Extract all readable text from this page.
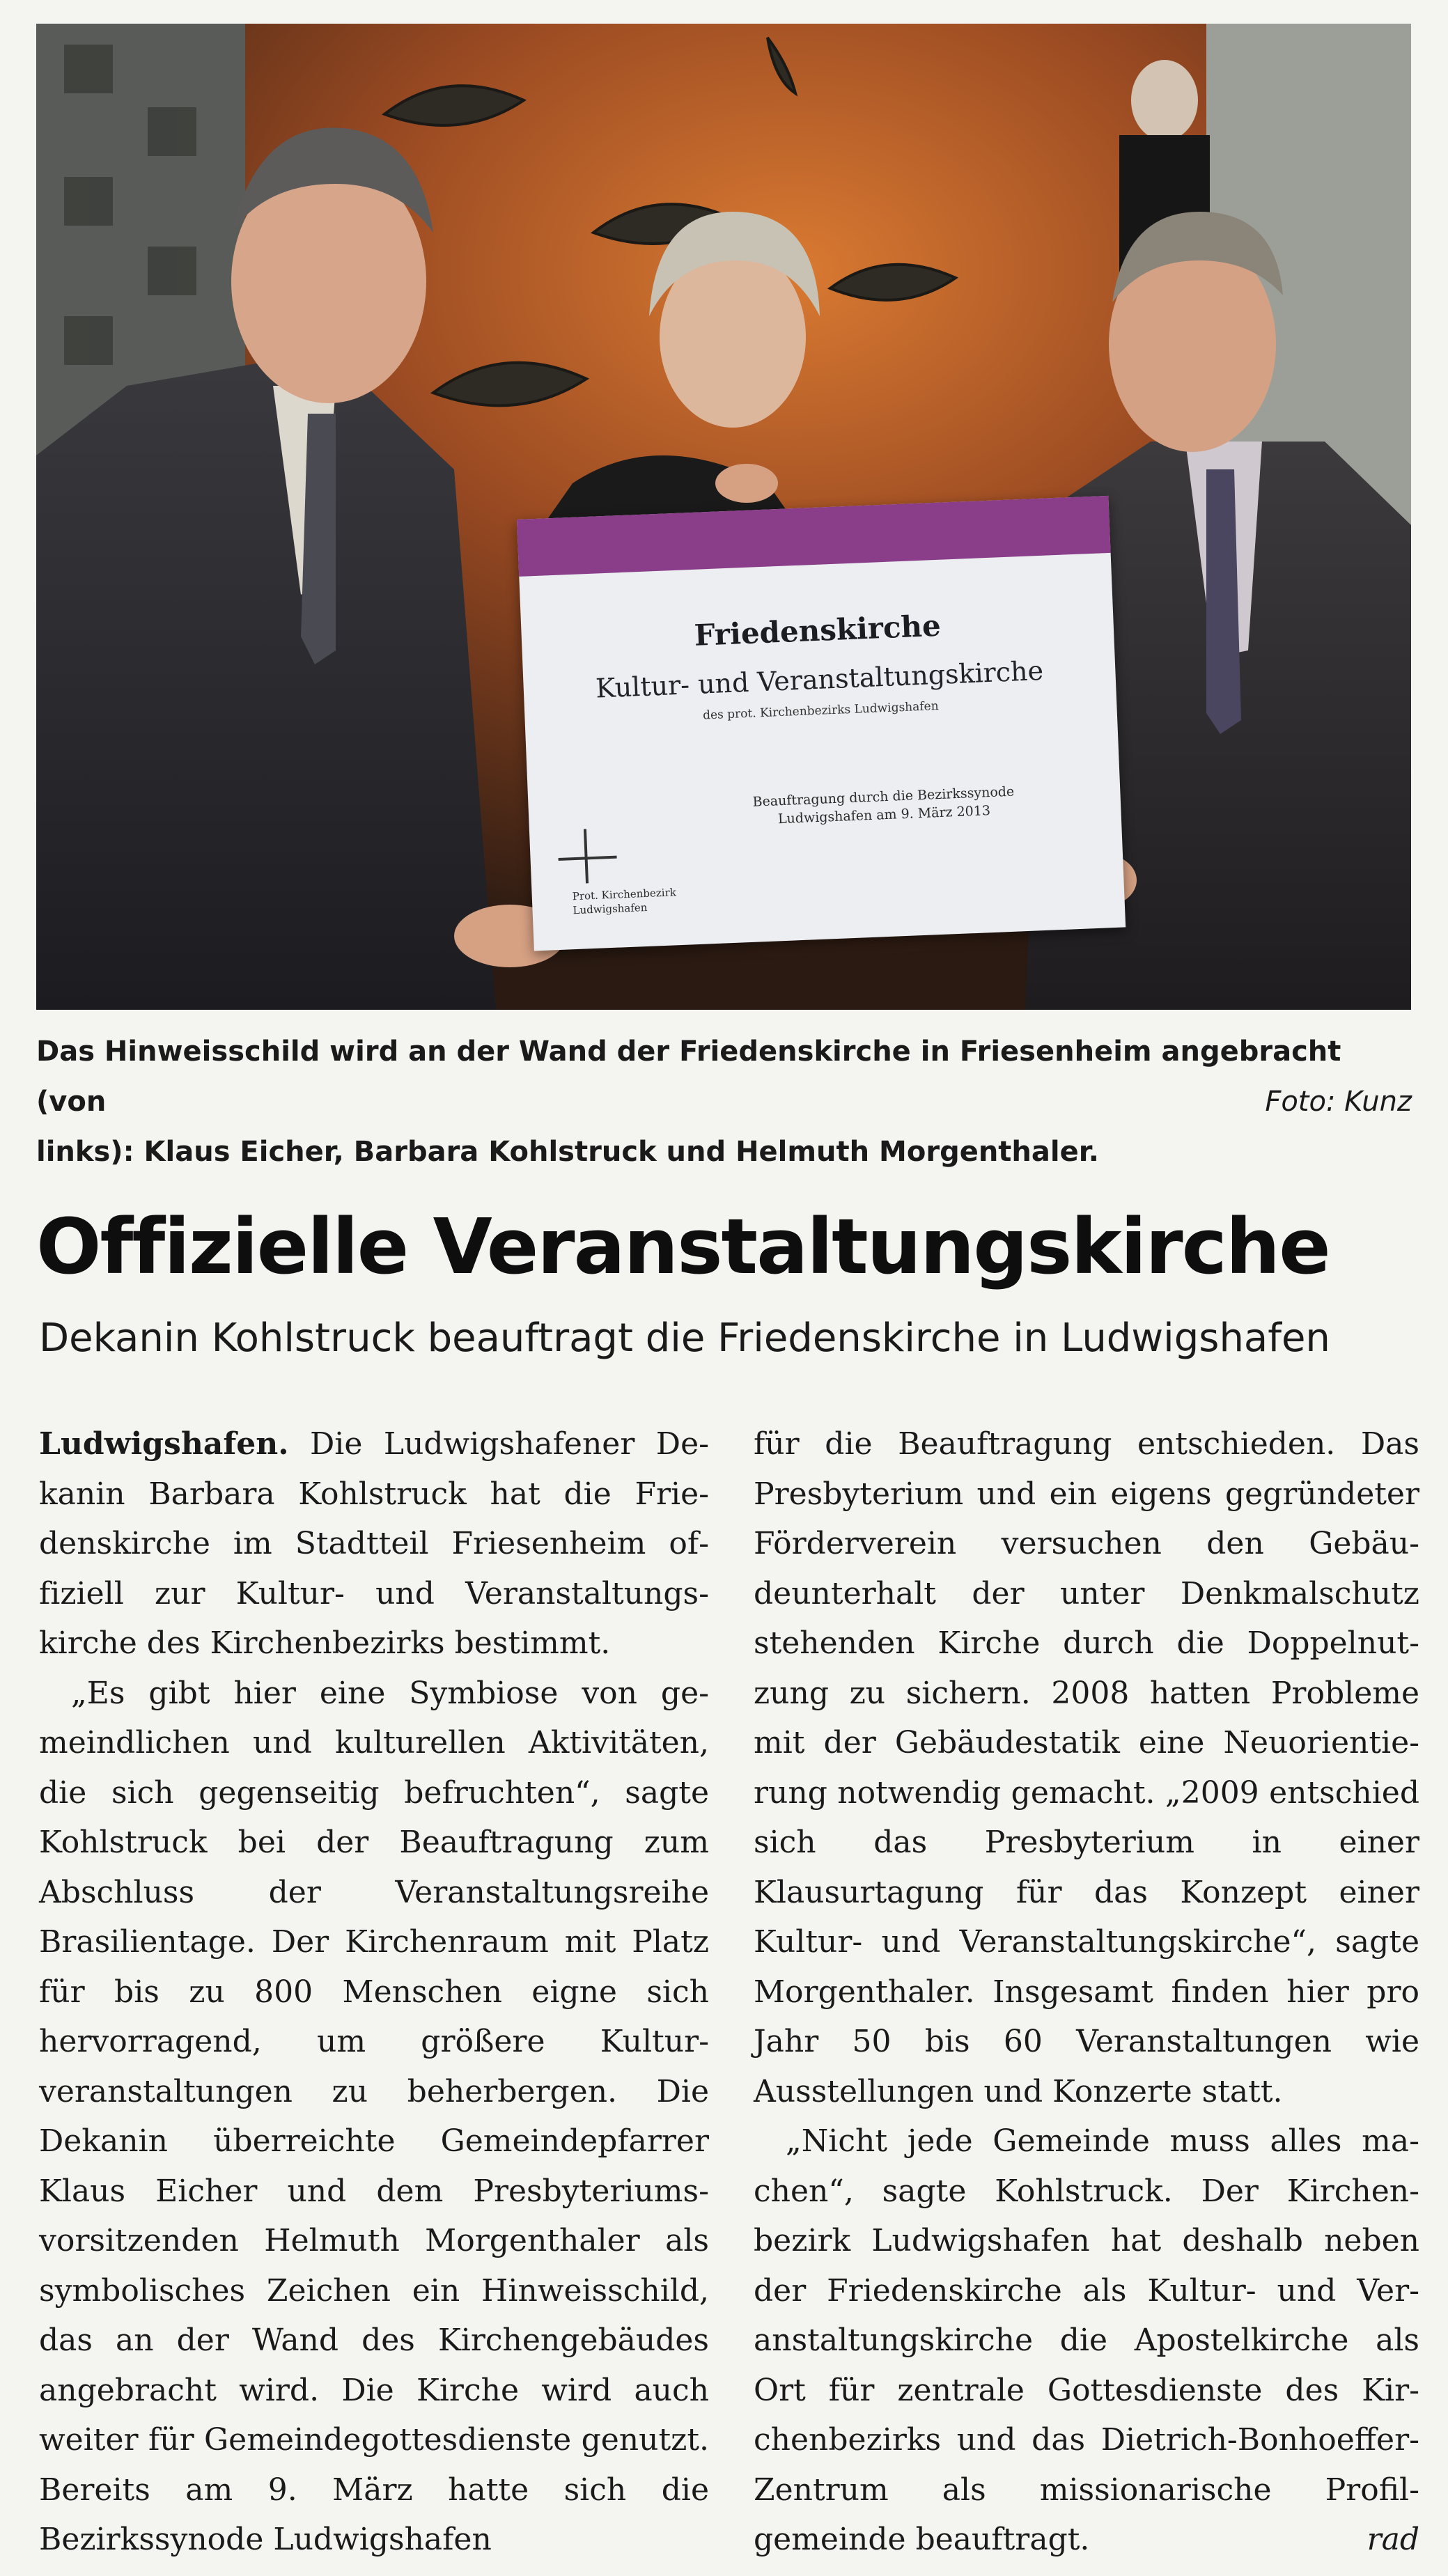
Friedenskirche
Kultur- und Veranstaltungskirche
des prot. Kirchenbezirks Ludwigshafen
Beauftragung durch die Bezirkssynode
Ludwigshafen am 9. März 2013
Prot. Kirchenbezirk
Ludwigshafen
Das Hinweisschild wird an der Wand der Friedenskirche in Friesenheim angebracht (von
links): Klaus Eicher, Barbara Kohlstruck und Helmuth Morgenthaler.
Foto: Kunz
Offizielle Veranstaltungskirche
Dekanin Kohlstruck beauftragt die Friedenskirche in Ludwigshafen

Ludwigshafen. Die Ludwigshafener Dekanin Barbara Kohlstruck hat die Friedenskirche im Stadtteil Friesenheim offiziell zur Kultur- und Veranstaltungskirche des Kirchenbezirks bestimmt.

„Es gibt hier eine Symbiose von gemeindlichen und kulturellen Aktivitäten, die sich gegenseitig befruchten“, sagte Kohlstruck bei der Beauftragung zum Abschluss der Veranstaltungsreihe Brasilientage. Der Kirchenraum mit Platz für bis zu 800 Menschen eigne sich hervorragend, um größere Kulturveranstaltungen zu beherbergen. Die Dekanin überreichte Gemeindepfarrer Klaus Eicher und dem Presbyteriumsvorsitzenden Helmuth Morgenthaler als symbolisches Zeichen ein Hinweisschild, das an der Wand des Kirchengebäudes angebracht wird. Die Kirche wird auch weiter für Gemeindegottesdienste genutzt. Bereits am 9. März hatte sich die Bezirkssynode Ludwigshafen

für die Beauftragung entschieden. Das Presbyterium und ein eigens gegründeter Förderverein versuchen den Gebäudeunterhalt der unter Denkmalschutz stehenden Kirche durch die Doppelnutzung zu sichern. 2008 hatten Probleme mit der Gebäudestatik eine Neuorientierung notwendig gemacht. „2009 entschied sich das Presbyterium in einer Klausurtagung für das Konzept einer Kultur- und Veranstaltungskirche“, sagte Morgenthaler. Insgesamt finden hier pro Jahr 50 bis 60 Veranstaltungen wie Ausstellungen und Konzerte statt.

„Nicht jede Gemeinde muss alles machen“, sagte Kohlstruck. Der Kirchenbezirk Ludwigshafen hat deshalb neben der Friedenskirche als Kultur- und Veranstaltungskirche die Apostelkirche als Ort für zentrale Gottesdienste des Kirchenbezirks und das Dietrich-Bonhoeffer-Zentrum als missionarische Profilgemeinde beauftragt.	rad
